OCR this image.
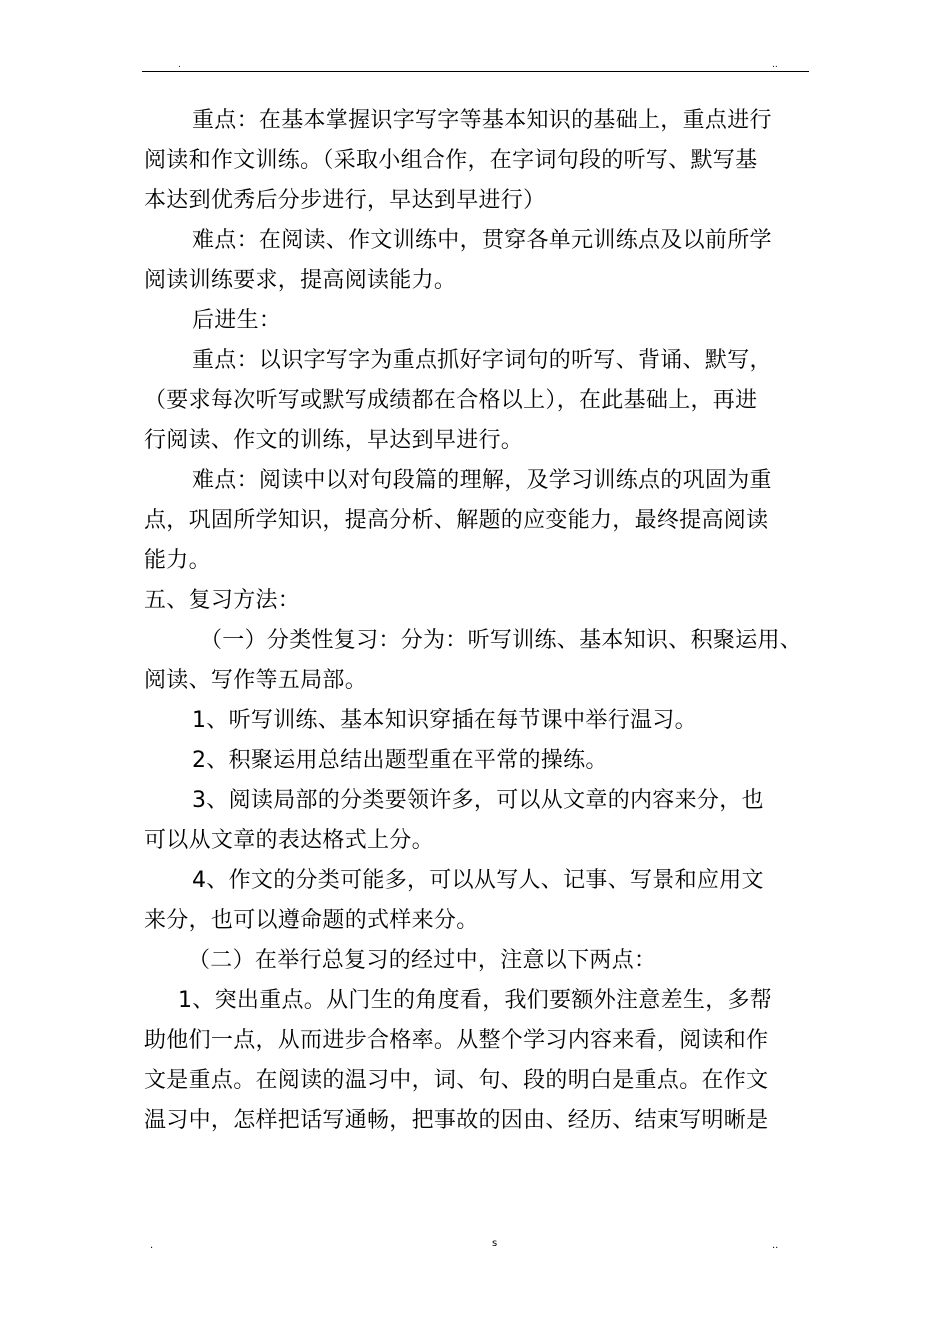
.	..
重点：在基本掌握识字写字等基本知识的基础上，重点进行
阅读和作文训练。（采取小组合作，在字词句段的听写、默写基
本达到优秀后分步进行，早达到早进行）
难点：在阅读、作文训练中，贯穿各单元训练点及以前所学
阅读训练要求，提高阅读能力。
后进生：
重点：以识字写字为重点抓好字词句的听写、背诵、默写，
（要求每次听写或默写成绩都在合格以上），在此基础上，再进
行阅读、作文的训练，早达到早进行。
难点：阅读中以对句段篇的理解，及学习训练点的巩固为重
点，巩固所学知识，提高分析、解题的应变能力，最终提高阅读
能力。
五、复习方法：
（一）分类性复习：分为：听写训练、基本知识、积聚运用、
阅读、写作等五局部。
1、听写训练、基本知识穿插在每节课中举行温习。
2、积聚运用总结出题型重在平常的操练。
3、阅读局部的分类要领许多，可以从文章的内容来分，也
可以从文章的表达格式上分。
4、作文的分类可能多，可以从写人、记事、写景和应用文
来分，也可以遵命题的式样来分。
（二）在举行总复习的经过中，注意以下两点：
1、突出重点。从门生的角度看，我们要额外注意差生，多帮
助他们一点，从而进步合格率。从整个学习内容来看，阅读和作
文是重点。在阅读的温习中，词、句、段的明白是重点。在作文
温习中，怎样把话写通畅，把事故的因由、经历、结束写明晰是
.	s	..
